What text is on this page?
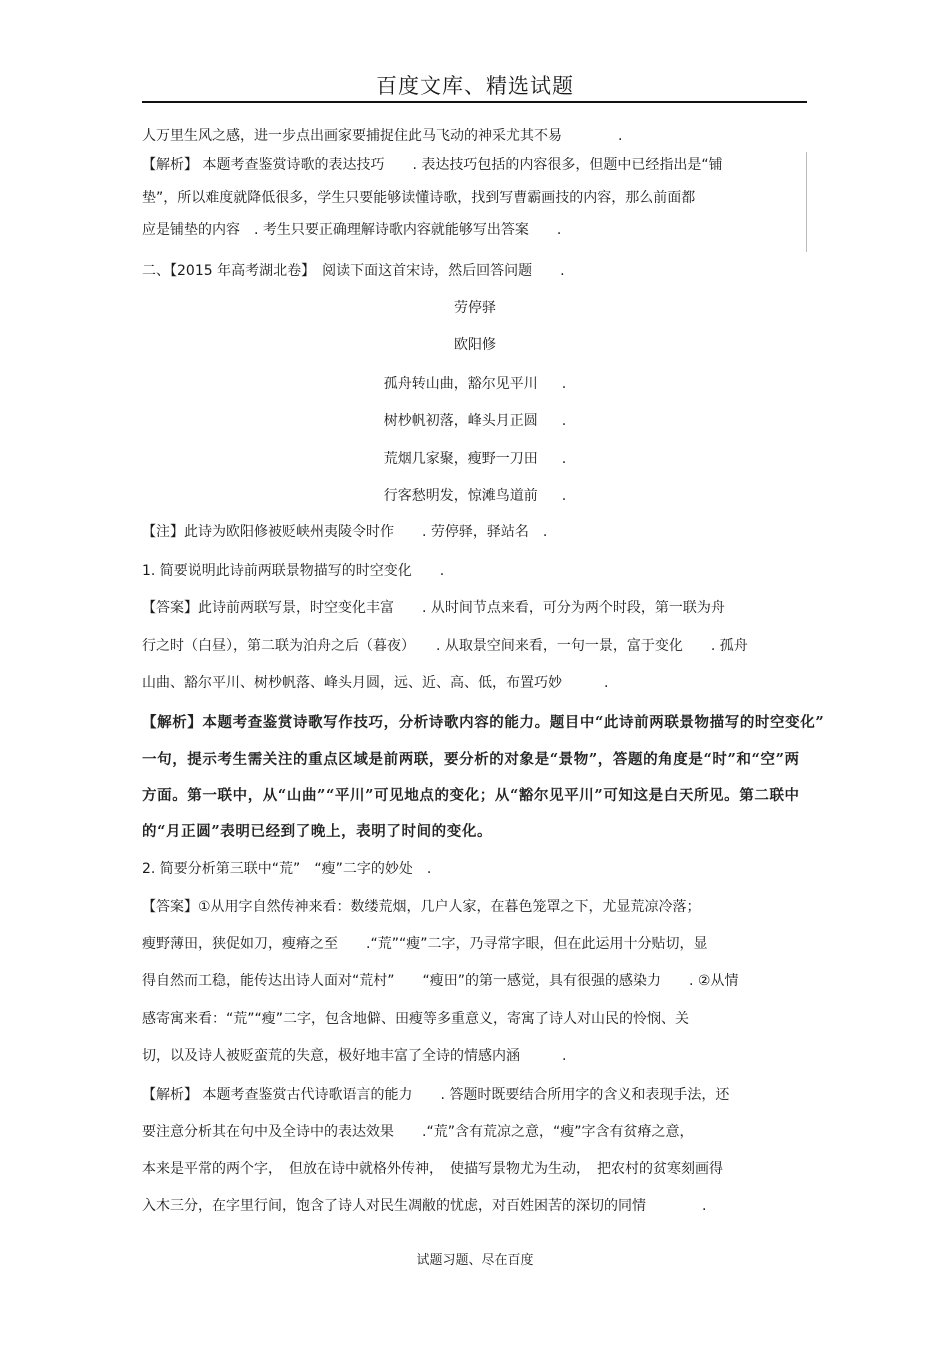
百度文库、精选试题
人万里生风之感，进一步点出画家要捕捉住此马飞动的神采尤其不易　　　　.
【解析】 本题考查鉴赏诗歌的表达技巧　　. 表达技巧包括的内容很多，但题中已经指出是“铺
垫”，所以难度就降低很多，学生只要能够读懂诗歌，找到写曹霸画技的内容，那么前面都
应是铺垫的内容　. 考生只要正确理解诗歌内容就能够写出答案　　.
二、【2015 年高考湖北卷】　阅读下面这首宋诗，然后回答问题　　.
劳停驿
欧阳修
孤舟转山曲，豁尔见平川 .
树杪帆初落，峰头月正圆 .
荒烟几家聚，瘦野一刀田 .
行客愁明发，惊滩鸟道前 .
【注】此诗为欧阳修被贬峡州夷陵令时作　　. 劳停驿，驿站名　.
1. 简要说明此诗前两联景物描写的时空变化　　.
【答案】此诗前两联写景，时空变化丰富　　. 从时间节点来看，可分为两个时段，第一联为舟
行之时（白昼），第二联为泊舟之后（暮夜）　　. 从取景空间来看，一句一景，富于变化　　. 孤舟
山曲、豁尔平川、树杪帆落、峰头月圆，远、近、高、低，布置巧妙　　　.
【解析】本题考查鉴赏诗歌写作技巧，分析诗歌内容的能力。题目中“此诗前两联景物描写的时空变化”
一句，提示考生需关注的重点区域是前两联，要分析的对象是“景物”，答题的角度是“时”和“空”两
方面。第一联中，从“山曲”“平川”可见地点的变化；从“豁尔见平川”可知这是白天所见。第二联中
的“月正圆”表明已经到了晚上，表明了时间的变化。
2. 简要分析第三联中“荒”　“瘦”二字的妙处　.
【答案】①从用字自然传神来看：数缕荒烟，几户人家，在暮色笼罩之下，尤显荒凉冷落；
瘦野薄田，狭促如刀，瘦瘠之至　　.“荒”“瘦”二字，乃寻常字眼，但在此运用十分贴切，显
得自然而工稳，能传达出诗人面对“荒村”　　“瘦田”的第一感觉，具有很强的感染力　　. ②从情
感寄寓来看：“荒”“瘦”二字，包含地僻、田瘦等多重意义，寄寓了诗人对山民的怜悯、关
切，以及诗人被贬蛮荒的失意，极好地丰富了全诗的情感内涵　　　.
【解析】 本题考查鉴赏古代诗歌语言的能力　　. 答题时既要结合所用字的含义和表现手法，还
要注意分析其在句中及全诗中的表达效果　　.“荒”含有荒凉之意，“瘦”字含有贫瘠之意，
本来是平常的两个字，　但放在诗中就格外传神，　使描写景物尤为生动，　把农村的贫寒刻画得
入木三分，在字里行间，饱含了诗人对民生凋敝的忧虑，对百姓困苦的深切的同情　　　　.
试题习题、尽在百度
